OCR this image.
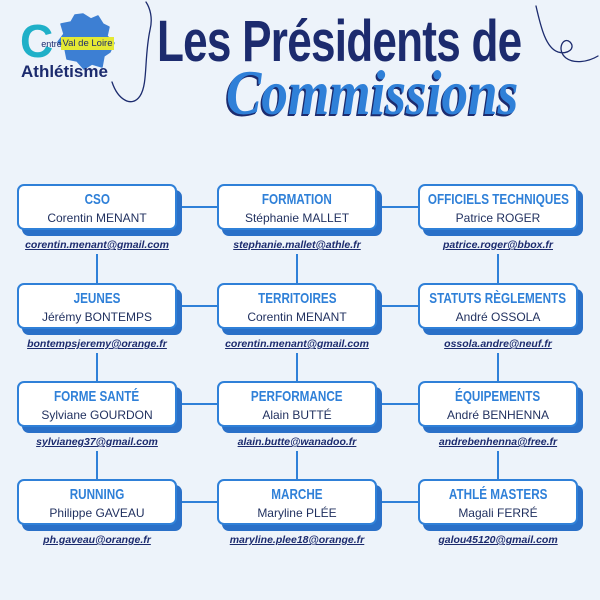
Val de Loire
Centre
Athlétisme Les Présidents de
Commissions
CSO
Corentin MENANT
corentin.menant@gmail.com
FORMATION
Stéphanie MALLET
stephanie.mallet@athle.fr
OFFICIELS TECHNIQUES
Patrice ROGER
patrice.roger@bbox.fr
JEUNES
Jérémy BONTEMPS
bontempsjeremy@orange.fr
TERRITOIRES
Corentin MENANT
corentin.menant@gmail.com
STATUTS RÈGLEMENTS
André OSSOLA
ossola.andre@neuf.fr
FORME SANTÉ
Sylviane GOURDON
sylvianeg37@gmail.com
PERFORMANCE
Alain BUTTÉ
alain.butte@wanadoo.fr
ÉQUIPEMENTS
André BENHENNA
andrebenhenna@free.fr
RUNNING
Philippe GAVEAU
ph.gaveau@orange.fr
MARCHE
Maryline PLÉE
maryline.plee18@orange.fr
ATHLÉ MASTERS
Magali FERRÉ
galou45120@gmail.com
